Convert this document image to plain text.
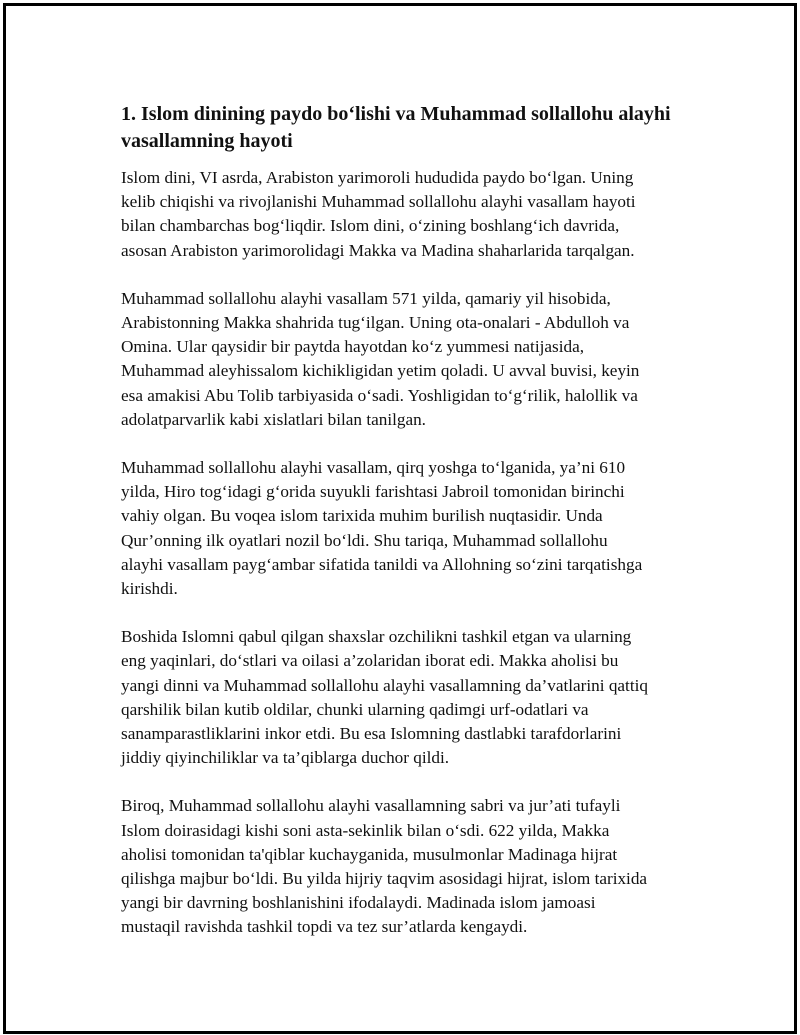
1. Islom dinining paydo bo‘lishi va Muhammad sollallohu alayhi vasallamning hayoti

Islom dini, VI asrda, Arabiston yarimoroli hududida paydo bo‘lgan. Uning
kelib chiqishi va rivojlanishi Muhammad sollallohu alayhi vasallam hayoti
bilan chambarchas bog‘liqdir. Islom dini, o‘zining boshlang‘ich davrida,
asosan Arabiston yarimorolidagi Makka va Madina shaharlarida tarqalgan.

Muhammad sollallohu alayhi vasallam 571 yilda, qamariy yil hisobida,
Arabistonning Makka shahrida tug‘ilgan. Uning ota-onalari - Abdulloh va
Omina. Ular qaysidir bir paytda hayotdan ko‘z yummesi natijasida,
Muhammad aleyhissalom kichikligidan yetim qoladi. U avval buvisi, keyin
esa amakisi Abu Tolib tarbiyasida o‘sadi. Yoshligidan to‘g‘rilik, halollik va
adolatparvarlik kabi xislatlari bilan tanilgan.

Muhammad sollallohu alayhi vasallam, qirq yoshga to‘lganida, ya’ni 610
yilda, Hiro tog‘idagi g‘orida suyukli farishtasi Jabroil tomonidan birinchi
vahiy olgan. Bu voqea islom tarixida muhim burilish nuqtasidir. Unda
Qur’onning ilk oyatlari nozil bo‘ldi. Shu tariqa, Muhammad sollallohu
alayhi vasallam payg‘ambar sifatida tanildi va Allohning so‘zini tarqatishga
kirishdi.

Boshida Islomni qabul qilgan shaxslar ozchilikni tashkil etgan va ularning
eng yaqinlari, do‘stlari va oilasi a’zolaridan iborat edi. Makka aholisi bu
yangi dinni va Muhammad sollallohu alayhi vasallamning da’vatlarini qattiq
qarshilik bilan kutib oldilar, chunki ularning qadimgi urf-odatlari va
sanamparastliklarini inkor etdi. Bu esa Islomning dastlabki tarafdorlarini
jiddiy qiyinchiliklar va ta’qiblarga duchor qildi.

Biroq, Muhammad sollallohu alayhi vasallamning sabri va jur’ati tufayli
Islom doirasidagi kishi soni asta-sekinlik bilan o‘sdi. 622 yilda, Makka
aholisi tomonidan ta'qiblar kuchayganida, musulmonlar Madinaga hijrat
qilishga majbur bo‘ldi. Bu yilda hijriy taqvim asosidagi hijrat, islom tarixida
yangi bir davrning boshlanishini ifodalaydi. Madinada islom jamoasi
mustaqil ravishda tashkil topdi va tez sur’atlarda kengaydi.
